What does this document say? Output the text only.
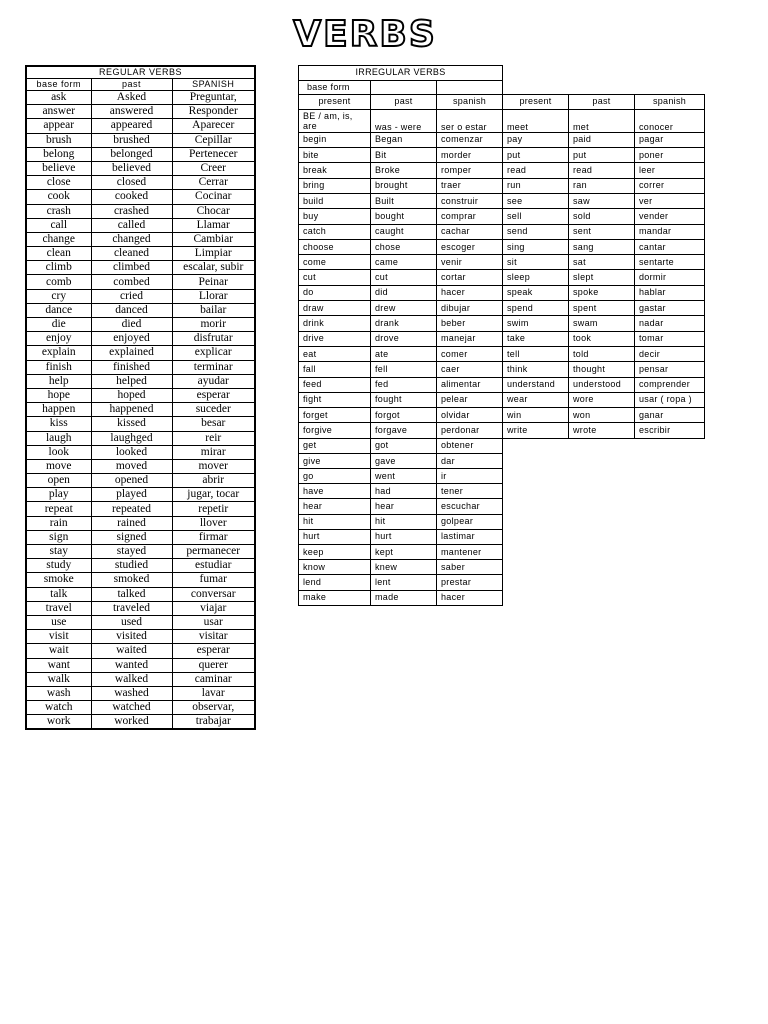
VERBS
REGULAR VERBS		
base form	past	SPANISH
ask	Asked	Preguntar,
answer	answered	Responder
appear	appeared	Aparecer
brush	brushed	Cepillar
belong	belonged	Pertenecer
believe	believed	Creer
close	closed	Cerrar
cook	cooked	Cocinar
crash	crashed	Chocar
call	called	Llamar
change	changed	Cambiar
clean	cleaned	Limpiar
climb	climbed	escalar, subir
comb	combed	Peinar
cry	cried	Llorar
dance	danced	bailar
die	died	morir
enjoy	enjoyed	disfrutar
explain	explained	explicar
finish	finished	terminar
help	helped	ayudar
hope	hoped	esperar
happen	happened	suceder
kiss	kissed	besar
laugh	laughged	reir
look	looked	mirar
move	moved	mover
open	opened	abrir
play	played	jugar, tocar
repeat	repeated	repetir
rain	rained	llover
sign	signed	firmar
stay	stayed	permanecer
study	studied	estudiar
smoke	smoked	fumar
talk	talked	conversar
travel	traveled	viajar
use	used	usar
visit	visited	visitar
wait	waited	esperar
want	wanted	querer
walk	walked	caminar
wash	washed	lavar
watch	watched	observar,
work	worked	trabajar
IRREGULAR VERBS					
base form					
present	past	spanish	present	past	spanish

BE / am, is,
are	was - were	ser o estar	meet	met	conocer
begin	Began	comenzar	pay	paid	pagar
bite	Bit	morder	put	put	poner
break	Broke	romper	read	read	leer
bring	brought	traer	run	ran	correr
build	Built	construir	see	saw	ver
buy	bought	comprar	sell	sold	vender
catch	caught	cachar	send	sent	mandar
choose	chose	escoger	sing	sang	cantar
come	came	venir	sit	sat	sentarte
cut	cut	cortar	sleep	slept	dormir
do	did	hacer	speak	spoke	hablar
draw	drew	dibujar	spend	spent	gastar
drink	drank	beber	swim	swam	nadar
drive	drove	manejar	take	took	tomar
eat	ate	comer	tell	told	decir
fall	fell	caer	think	thought	pensar
feed	fed	alimentar	understand	understood	comprender
fight	fought	pelear	wear	wore	usar ( ropa )
forget	forgot	olvidar	win	won	ganar
forgive	forgave	perdonar	write	wrote	escribir
get	got	obtener			
give	gave	dar			
go	went	ir			
have	had	tener			
hear	hear	escuchar			
hit	hit	golpear			
hurt	hurt	lastimar			
keep	kept	mantener			
know	knew	saber			
lend	lent	prestar			
make	made	hacer			
